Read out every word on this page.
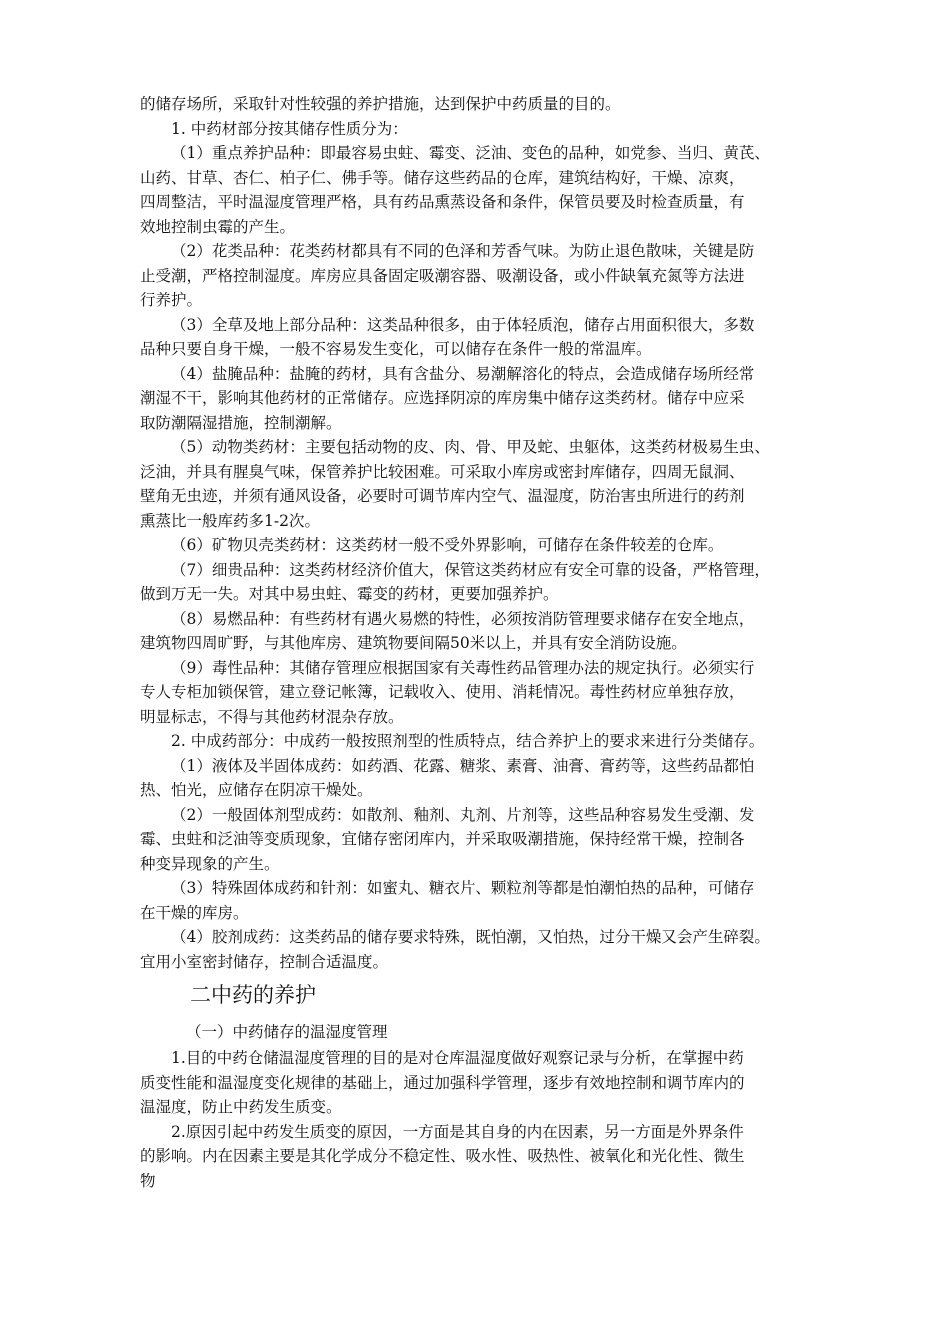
的储存场所，采取针对性较强的养护措施，达到保护中药质量的目的。
1. 中药材部分按其储存性质分为：
（1）重点养护品种：即最容易虫蛀、霉变、泛油、变色的品种，如党参、当归、黄芪、
山药、甘草、杏仁、柏子仁、佛手等。储存这些药品的仓库，建筑结构好，干燥、凉爽，
四周整洁，平时温湿度管理严格，具有药品熏蒸设备和条件，保管员要及时检查质量，有
效地控制虫霉的产生。
（2）花类品种：花类药材都具有不同的色泽和芳香气味。为防止退色散味，关键是防
止受潮，严格控制湿度。库房应具备固定吸潮容器、吸潮设备，或小件缺氧充氮等方法进
行养护。
（3）全草及地上部分品种：这类品种很多，由于体轻质泡，储存占用面积很大，多数
品种只要自身干燥，一般不容易发生变化，可以储存在条件一般的常温库。
（4）盐腌品种：盐腌的药材，具有含盐分、易潮解溶化的特点，会造成储存场所经常
潮湿不干，影响其他药材的正常储存。应选择阴凉的库房集中储存这类药材。储存中应采
取防潮隔湿措施，控制潮解。
（5）动物类药材：主要包括动物的皮、肉、骨、甲及蛇、虫躯体，这类药材极易生虫、
泛油，并具有腥臭气味，保管养护比较困难。可采取小库房或密封库储存，四周无鼠洞、
壁角无虫迹，并须有通风设备，必要时可调节库内空气、温湿度，防治害虫所进行的药剂
熏蒸比一般库药多1-2次。
（6）矿物贝壳类药材：这类药材一般不受外界影响，可储存在条件较差的仓库。
（7）细贵品种：这类药材经济价值大，保管这类药材应有安全可靠的设备，严格管理，
做到万无一失。对其中易虫蛀、霉变的药材，更要加强养护。
（8）易燃品种：有些药材有遇火易燃的特性，必须按消防管理要求储存在安全地点，
建筑物四周旷野，与其他库房、建筑物要间隔50米以上，并具有安全消防设施。
（9）毒性品种：其储存管理应根据国家有关毒性药品管理办法的规定执行。必须实行
专人专柜加锁保管，建立登记帐簿，记载收入、使用、消耗情况。毒性药材应单独存放，
明显标志，不得与其他药材混杂存放。
2. 中成药部分：中成药一般按照剂型的性质特点，结合养护上的要求来进行分类储存。
（1）液体及半固体成药：如药酒、花露、糖浆、素膏、油膏、膏药等，这些药品都怕
热、怕光，应储存在阴凉干燥处。
（2）一般固体剂型成药：如散剂、釉剂、丸剂、片剂等，这些品种容易发生受潮、发
霉、虫蛀和泛油等变质现象，宜储存密闭库内，并采取吸潮措施，保持经常干燥，控制各
种变异现象的产生。
（3）特殊固体成药和针剂：如蜜丸、糖衣片、颗粒剂等都是怕潮怕热的品种，可储存
在干燥的库房。
（4）胶剂成药：这类药品的储存要求特殊，既怕潮，又怕热，过分干燥又会产生碎裂。
宜用小室密封储存，控制合适温度。
二中药的养护
（一）中药储存的温湿度管理
1.目的中药仓储温湿度管理的目的是对仓库温湿度做好观察记录与分析，在掌握中药
质变性能和温湿度变化规律的基础上，通过加强科学管理，逐步有效地控制和调节库内的
温湿度，防止中药发生质变。
2.原因引起中药发生质变的原因，一方面是其自身的内在因素，另一方面是外界条件
的影响。内在因素主要是其化学成分不稳定性、吸水性、吸热性、被氧化和光化性、微生
物
